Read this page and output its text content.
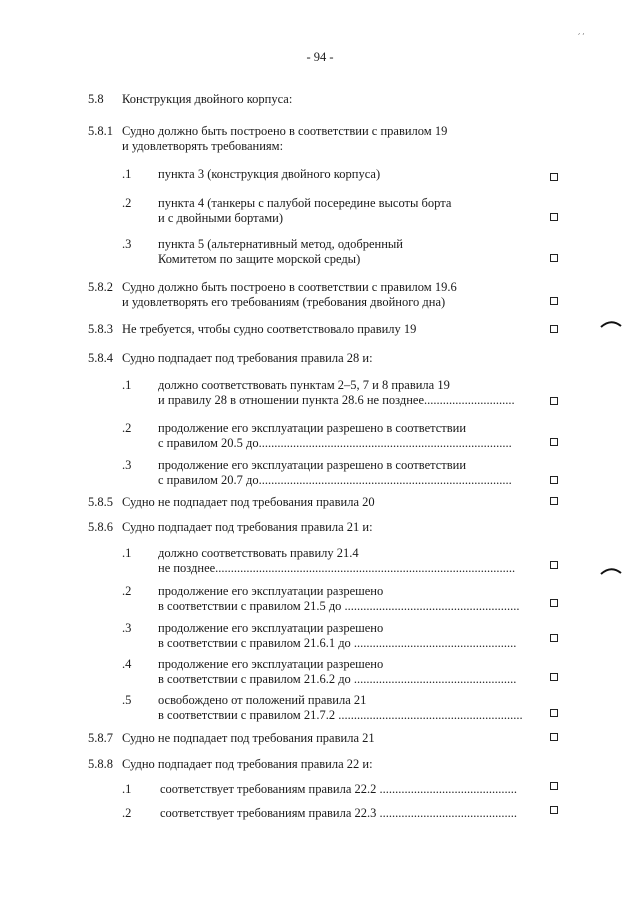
- 94 -
׳ ׳
5.8 Конструкция двойного корпуса:
5.8.1 Судно должно быть построено в соответствии с правилом 19
и удовлетворять требованиям:
.1 пункта 3 (конструкция двойного корпуса)
.2 пункта 4 (танкеры с палубой посередине высоты борта
и с двойными бортами)
.3 пункта 5 (альтернативный метод, одобренный
Комитетом по защите морской среды)
5.8.2 Судно должно быть построено в соответствии с правилом 19.6
и удовлетворять его требованиям (требования двойного дна)
5.8.3 Не требуется, чтобы судно соответствовало правилу 19
5.8.4 Судно подпадает под требования правила 28 и:
.1 должно соответствовать пунктам 2–5, 7 и 8 правила 19
и правилу 28 в отношении пункта 28.6 не позднее.............................
.2 продолжение его эксплуатации разрешено в соответствии
с правилом 20.5 до.................................................................................
.3 продолжение его эксплуатации разрешено в соответствии
с правилом 20.7 до.................................................................................
5.8.5 Судно не подпадает под требования правила 20
5.8.6 Судно подпадает под требования правила 21 и:
.1 должно соответствовать правилу 21.4
не позднее................................................................................................
.2 продолжение его эксплуатации разрешено
в соответствии с правилом 21.5 до ........................................................
.3 продолжение его эксплуатации разрешено
в соответствии с правилом 21.6.1 до ....................................................
.4 продолжение его эксплуатации разрешено
в соответствии с правилом 21.6.2 до ....................................................
.5 освобождено от положений правила 21
в соответствии с правилом 21.7.2 ...........................................................
5.8.7 Судно не подпадает под требования правила 21
5.8.8 Судно подпадает под требования правила 22 и:
.1 соответствует требованиям правила 22.2 ............................................
.2 соответствует требованиям правила 22.3 ............................................
